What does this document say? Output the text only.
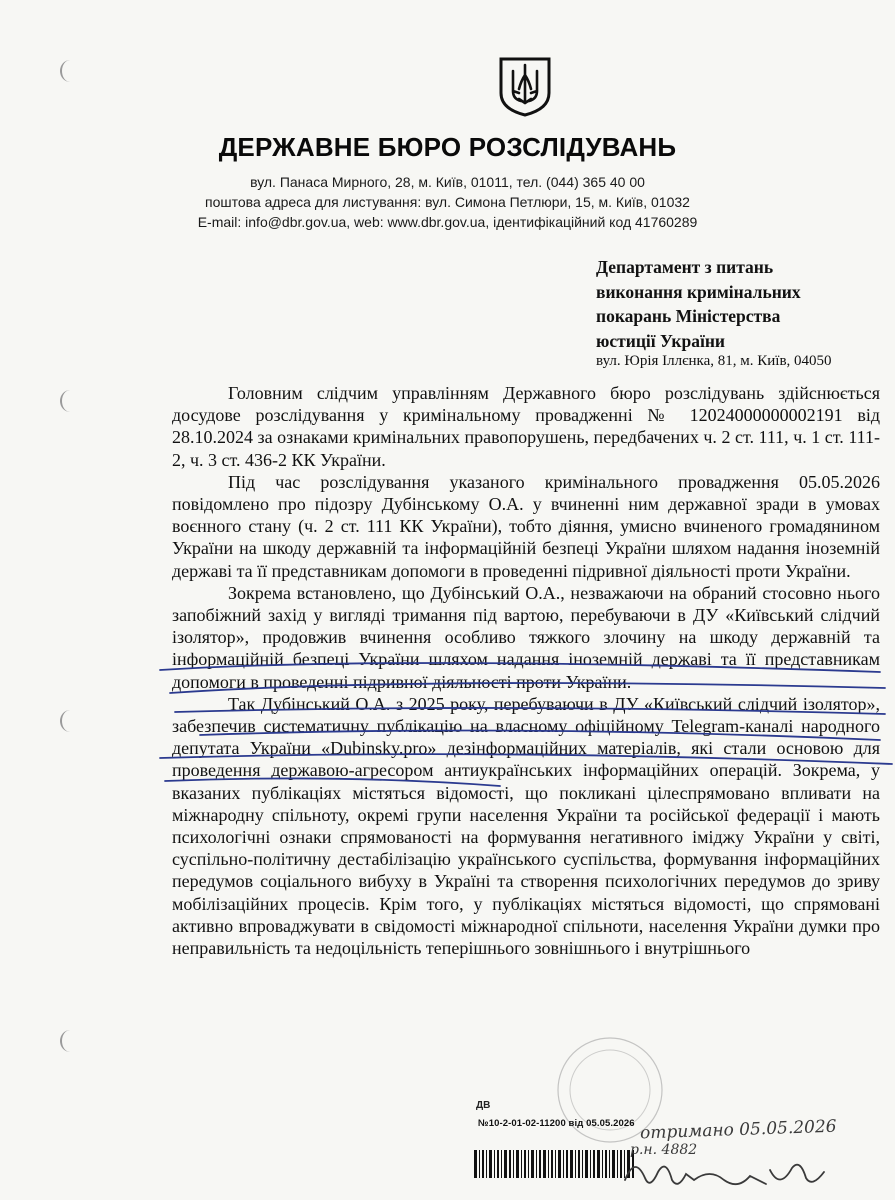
ДЕРЖАВНЕ БЮРО РОЗСЛІДУВАНЬ
вул. Панаса Мирного, 28, м. Київ, 01011, тел. (044) 365 40 00
поштова адреса для листування: вул. Симона Петлюри, 15, м. Київ, 01032
E-mail: info@dbr.gov.ua, web: www.dbr.gov.ua, ідентифікаційний код 41760289
Департамент з питань
виконання кримінальних
покарань Міністерства
юстиції України
вул. Юрія Іллєнка, 81, м. Київ, 04050

Головним слідчим управлінням Державного бюро розслідувань здійснюється досудове розслідування у кримінальному провадженні № 12024000000002191 від 28.10.2024 за ознаками кримінальних правопорушень, передбачених ч. 2 ст. 111, ч. 1 ст. 111-2, ч. 3 ст. 436-2 КК України.

Під час розслідування указаного кримінального провадження 05.05.2026 повідомлено про підозру Дубінському О.А. у вчиненні ним державної зради в умовах воєнного стану (ч. 2 ст. 111 КК України), тобто діяння, умисно вчиненого громадянином України на шкоду державній та інформаційній безпеці України шляхом надання іноземній державі та її представникам допомоги в проведенні підривної діяльності проти України.

Зокрема встановлено, що Дубінський О.А., незважаючи на обраний стосовно нього запобіжний захід у вигляді тримання під вартою, перебуваючи в ДУ «Київський слідчий ізолятор», продовжив вчинення особливо тяжкого злочину на шкоду державній та інформаційній безпеці України шляхом надання іноземній державі та її представникам допомоги в проведенні підривної діяльності проти України.

Так Дубінський О.А. з 2025 року, перебуваючи в ДУ «Київський слідчий ізолятор», забезпечив систематичну публікацію на власному офіційному Telegram-каналі народного депутата України «Dubinsky.pro» дезінформаційних матеріалів, які стали основою для проведення державою-агресором антиукраїнських інформаційних операцій. Зокрема, у вказаних публікаціях містяться відомості, що покликані цілеспрямовано впливати на міжнародну спільноту, окремі групи населення України та російської федерації і мають психологічні ознаки спрямованості на формування негативного іміджу України у світі, суспільно-політичну дестабілізацію українського суспільства, формування інформаційних передумов соціального вибуху в Україні та створення психологічних передумов до зриву мобілізаційних процесів. Крім того, у публікаціях містяться відомості, що спрямовані активно впроваджувати в свідомості міжнародної спільноти, населення України думки про неправильність та недоцільність теперішнього зовнішнього і внутрішнього

ДВ
№10-2-01-02-11200 від 05.05.2026 отримано 05.05.2026
р.н. 4882
